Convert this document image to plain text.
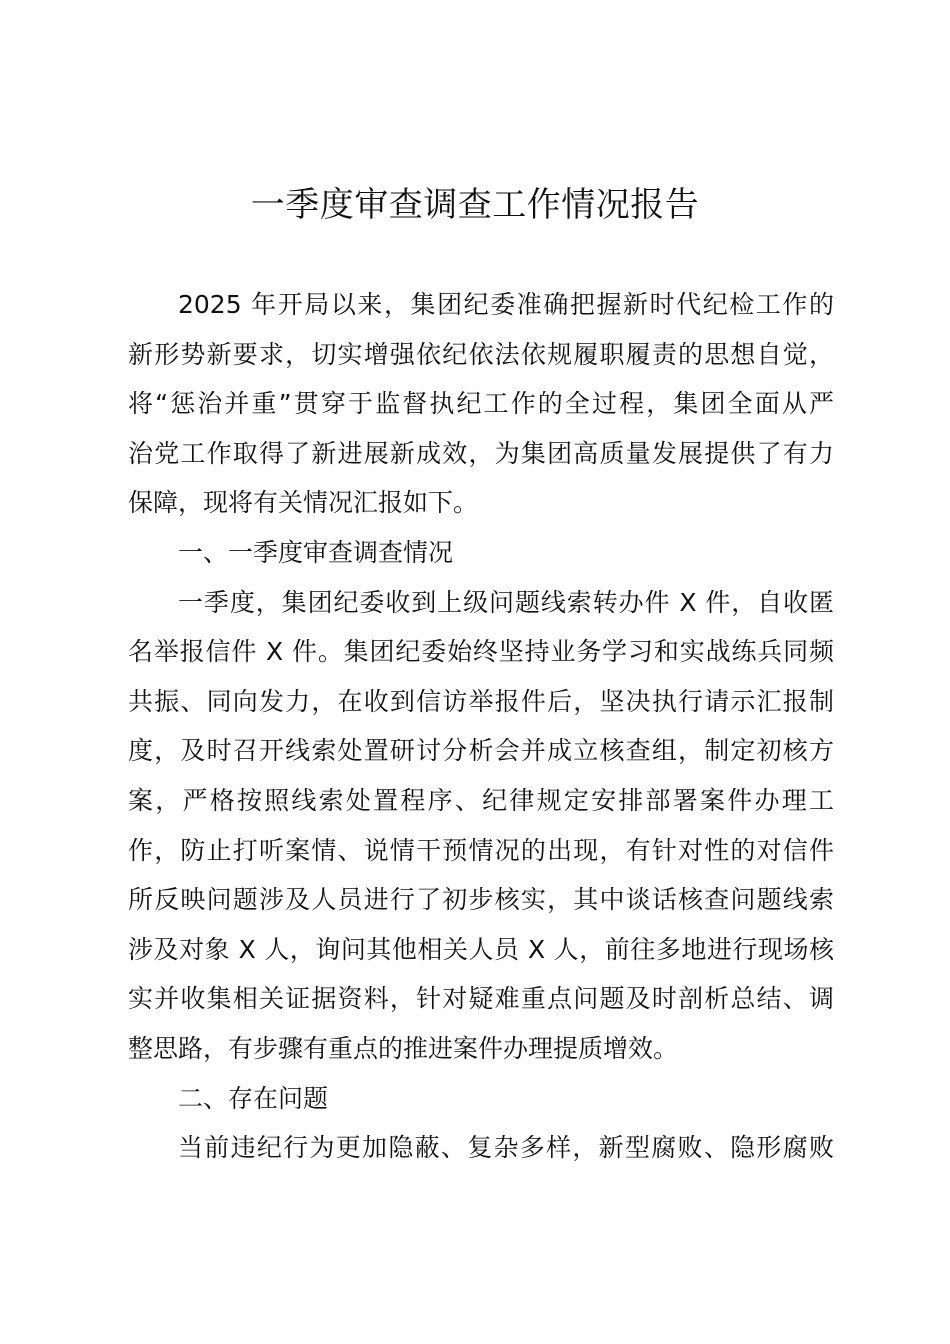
一季度审查调查工作情况报告
2025 年开局以来，集团纪委准确把握新时代纪检工作的
新形势新要求，切实增强依纪依法依规履职履责的思想自觉，
将“惩治并重”贯穿于监督执纪工作的全过程，集团全面从严
治党工作取得了新进展新成效，为集团高质量发展提供了有力
保障，现将有关情况汇报如下。
一、一季度审查调查情况
一季度，集团纪委收到上级问题线索转办件 X 件，自收匿
名举报信件 X 件。集团纪委始终坚持业务学习和实战练兵同频
共振、同向发力，在收到信访举报件后，坚决执行请示汇报制
度，及时召开线索处置研讨分析会并成立核查组，制定初核方
案，严格按照线索处置程序、纪律规定安排部署案件办理工
作，防止打听案情、说情干预情况的出现，有针对性的对信件
所反映问题涉及人员进行了初步核实，其中谈话核查问题线索
涉及对象 X 人，询问其他相关人员 X 人，前往多地进行现场核
实并收集相关证据资料，针对疑难重点问题及时剖析总结、调
整思路，有步骤有重点的推进案件办理提质增效。
二、存在问题
当前违纪行为更加隐蔽、复杂多样，新型腐败、隐形腐败
